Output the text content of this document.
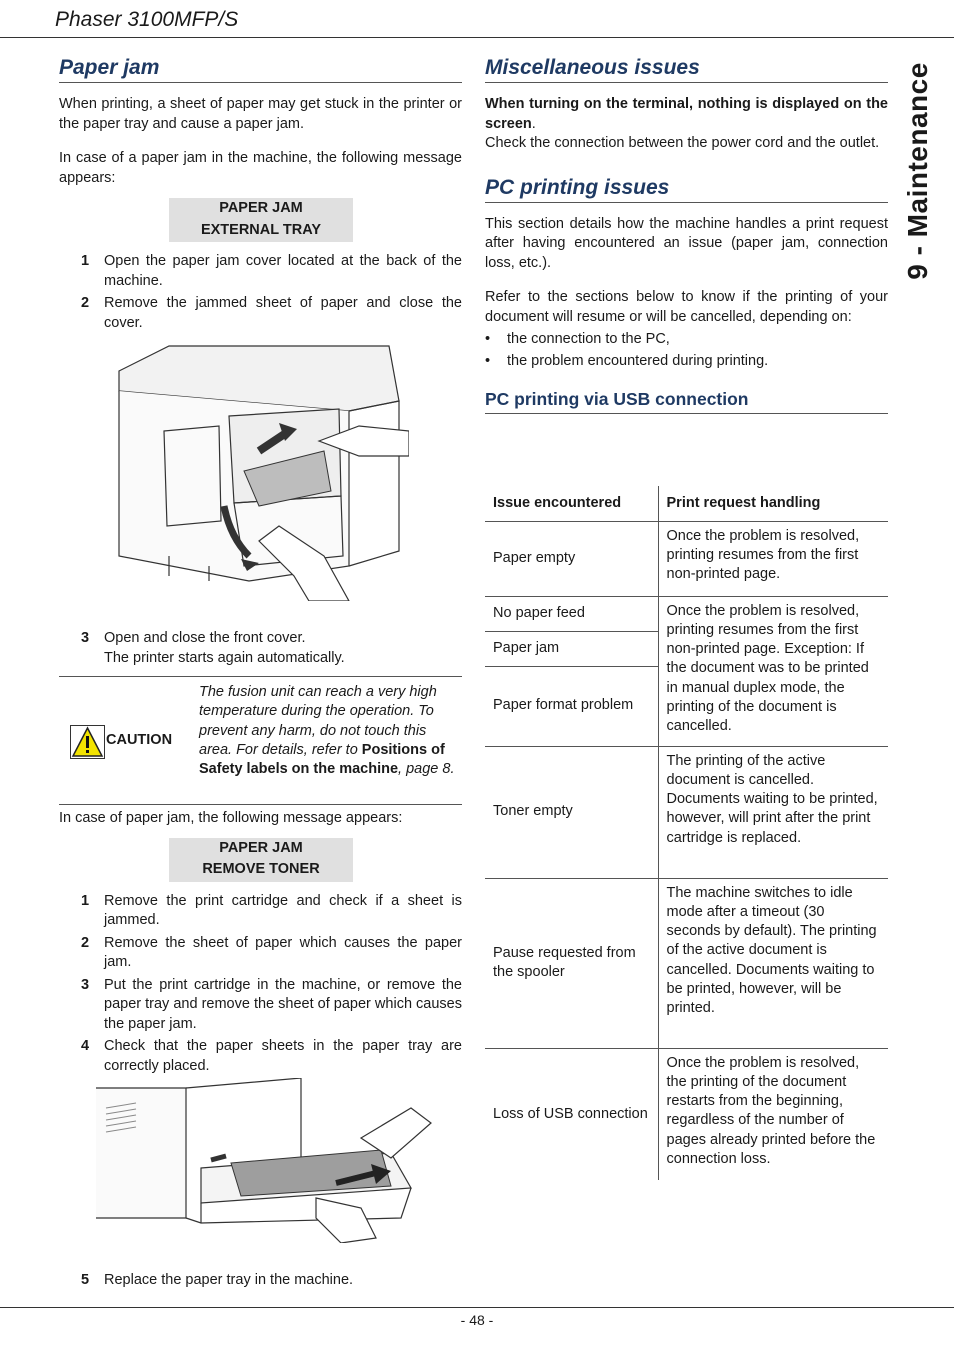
Phaser 3100MFP/S
9 - Maintenance
Paper jam

When printing, a sheet of paper may get stuck in the printer or the paper tray and cause a paper jam.

In case of a paper jam in the machine, the following message appears:

PAPER JAM
EXTERNAL TRAY
1 Open the paper jam cover located at the back of the machine.
2 Remove the jammed sheet of paper and close the cover.
3 Open and close the front cover.
The printer starts again automatically.
CAUTION
The fusion unit can reach a very high temperature during the operation. To prevent any harm, do not touch this area. For details, refer to Positions of Safety labels on the machine, page 8.

In case of paper jam, the following message appears:

PAPER JAM
REMOVE TONER
1 Remove the print cartridge and check if a sheet is jammed.
2 Remove the sheet of paper which causes the paper jam.
3 Put the print cartridge in the machine, or remove the paper tray and remove the sheet of paper which causes the paper jam.
4 Check that the paper sheets in the paper tray are correctly placed.
5 Replace the paper tray in the machine.
Miscellaneous issues

When turning on the terminal, nothing is displayed on the screen.
Check the connection between the power cord and the outlet.

PC printing issues

This section details how the machine handles a print request after having encountered an issue (paper jam, connection loss, etc.).

Refer to the sections below to know if the printing of your document will resume or will be cancelled, depending on:

• the connection to the PC,
• the problem encountered during printing.
PC printing via USB connection
Issue encountered	Print request handling
Paper empty	Once the problem is resolved, printing resumes from the first non-printed page.
No paper feed	Once the problem is resolved, printing resumes from the first non-printed page. Exception: If the document was to be printed in manual duplex mode, the printing of the document is cancelled.
Paper jam	
Paper format problem	
Toner empty	The printing of the active document is cancelled. Documents waiting to be printed, however, will print after the print cartridge is replaced.
Pause requested from the spooler	The machine switches to idle mode after a timeout (30 seconds by default). The printing of the active document is cancelled. Documents waiting to be printed, however, will be printed.
Loss of USB connection	Once the problem is resolved, the printing of the document restarts from the beginning, regardless of the number of pages already printed before the connection loss.
- 48 -
